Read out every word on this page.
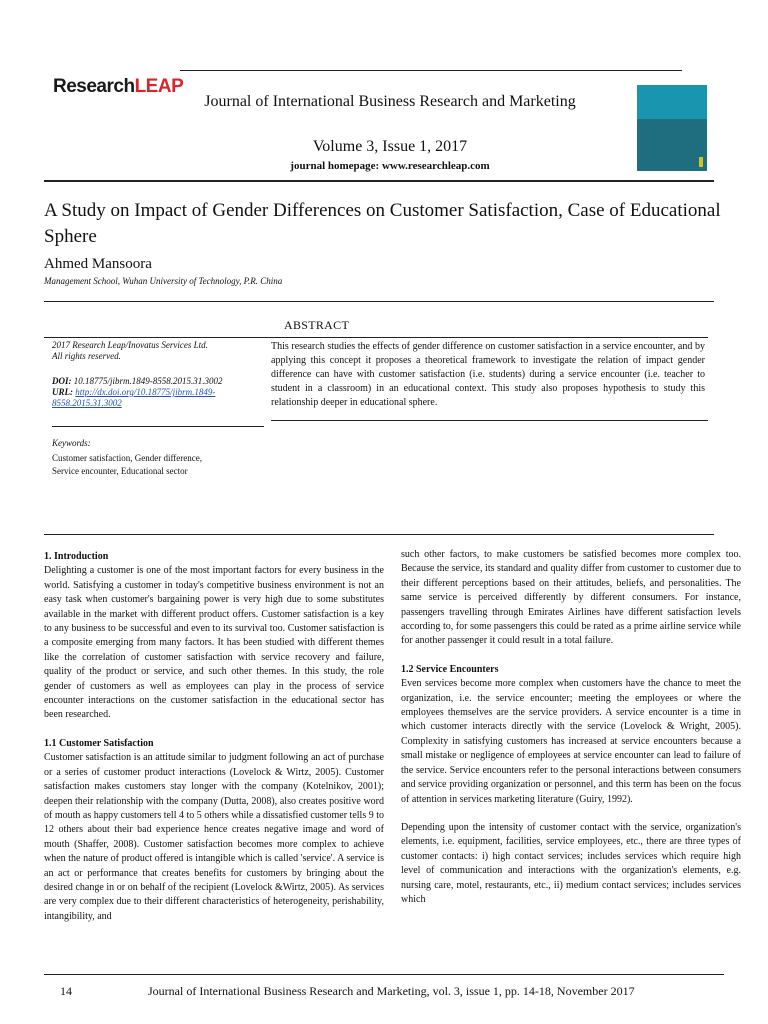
ResearchLEAP
Journal of International Business Research and Marketing
Volume 3, Issue 1, 2017
journal homepage: www.researchleap.com
A Study on Impact of Gender Differences on Customer Satisfaction, Case of Educational Sphere
Ahmed Mansoora
Management School, Wuhan University of Technology, P.R. China
ABSTRACT
2017 Research Leap/Inovatus Services Ltd.
All rights reserved.
DOI: 10.18775/jibrm.1849-8558.2015.31.3002
URL: http://dx.doi.org/10.18775/jibrm.1849-8558.2015.31.3002
Keywords:
Customer satisfaction, Gender difference,
Service encounter, Educational sector
This research studies the effects of gender difference on customer satisfaction in a service encounter, and by applying this concept it proposes a theoretical framework to investigate the relation of impact gender difference can have with customer satisfaction (i.e. students) during a service encounter (i.e. teacher to student in a classroom) in an educational context. This study also proposes hypothesis to study this relationship deeper in educational sphere.
1. Introduction

Delighting a customer is one of the most important factors for every business in the world. Satisfying a customer in today's competitive business environment is not an easy task when customer's bargaining power is very high due to some substitutes available in the market with different product offers. Customer satisfaction is a key to any business to be successful and even to its survival too. Customer satisfaction is a composite emerging from many factors. It has been studied with different themes like the correlation of customer satisfaction with service recovery and failure, quality of the product or service, and such other themes. In this study, the role gender of customers as well as employees can play in the process of service encounter interactions on the customer satisfaction in the educational sector has been researched.

1.1 Customer Satisfaction

Customer satisfaction is an attitude similar to judgment following an act of purchase or a series of customer product interactions (Lovelock & Wirtz, 2005). Customer satisfaction makes customers stay longer with the company (Kotelnikov, 2001); deepen their relationship with the company (Dutta, 2008), also creates positive word of mouth as happy customers tell 4 to 5 others while a dissatisfied customer tells 9 to 12 others about their bad experience hence creates negative image and word of mouth (Shaffer, 2008). Customer satisfaction becomes more complex to achieve when the nature of product offered is intangible which is called 'service'. A service is an act or performance that creates benefits for customers by bringing about the desired change in or on behalf of the recipient (Lovelock &Wirtz, 2005). As services are very complex due to their different characteristics of heterogeneity, perishability, intangibility, and

such other factors, to make customers be satisfied becomes more complex too. Because the service, its standard and quality differ from customer to customer due to their different perceptions based on their attitudes, beliefs, and personalities. The same service is perceived differently by different consumers. For instance, passengers travelling through Emirates Airlines have different satisfaction levels according to, for some passengers this could be rated as a prime airline service while for another passenger it could result in a total failure.

1.2 Service Encounters

Even services become more complex when customers have the chance to meet the organization, i.e. the service encounter; meeting the employees or where the employees themselves are the service providers. A service encounter is a time in which customer interacts directly with the service (Lovelock & Wright, 2005). Complexity in satisfying customers has increased at service encounters because a small mistake or negligence of employees at service encounter can lead to failure of the service. Service encounters refer to the personal interactions between consumers and service providing organization or personnel, and this term has been on the focus of attention in services marketing literature (Guiry, 1992).

Depending upon the intensity of customer contact with the service, organization's elements, i.e. equipment, facilities, service employees, etc., there are three types of customer contacts: i) high contact services; includes services which require high level of communication and interactions with the organization's elements, e.g. nursing care, motel, restaurants, etc., ii) medium contact services; includes services which

14	Journal of International Business Research and Marketing, vol. 3, issue 1, pp. 14-18, November 2017
